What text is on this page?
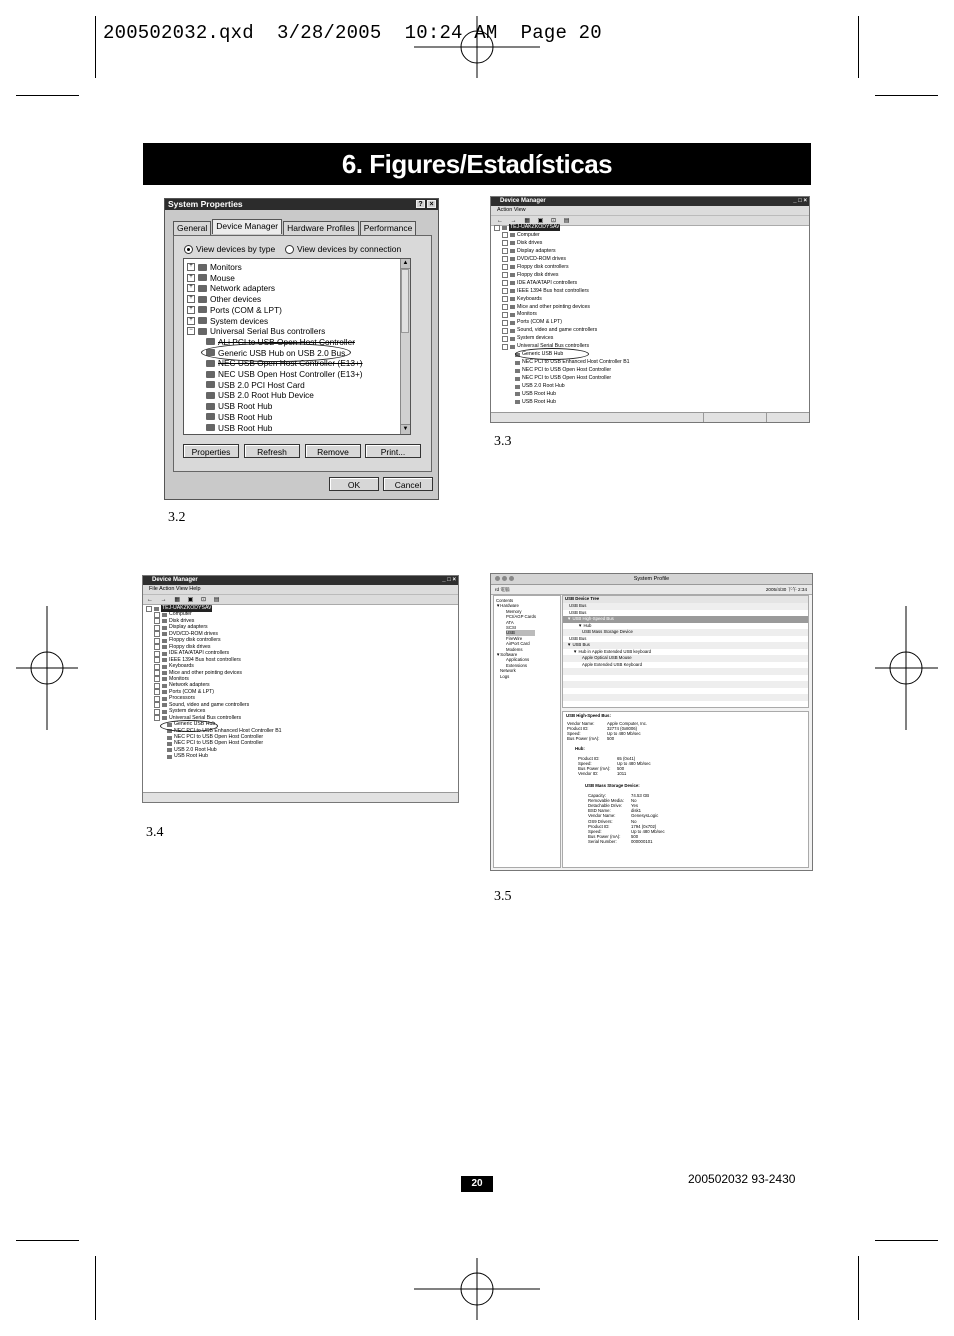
200502032.qxd  3/28/2005  10:24 AM  Page 20
6. Figures/Estadísticas
System Properties	? ×
General	Device Manager	Hardware Profiles	Performance
View devices by type	View devices by connection
▲
▼
+ Monitors
+ Mouse
+ Network adapters
+ Other devices
+ Ports (COM & LPT)
+ System devices
− Universal Serial Bus controllers
ALi PCI to USB Open Host Controller
Generic USB Hub on USB 2.0 Bus
NEC USB Open Host Controller (E13+)
NEC USB Open Host Controller (E13+)
USB 2.0 PCI Host Card
USB 2.0 Root Hub Device
USB Root Hub
USB Root Hub
USB Root Hub
Properties	Refresh	Remove	Print...
OK	Cancel
3.2
Device Manager	_ □ ×
Action View
← → ▦ ▣ ⊡ ▤
TEJ-UAKZKODYSAV
Computer
Disk drives
Display adapters
DVD/CD-ROM drives
Floppy disk controllers
Floppy disk drives
IDE ATA/ATAPI controllers
IEEE 1394 Bus host controllers
Keyboards
Mice and other pointing devices
Monitors
Ports (COM & LPT)
Sound, video and game controllers
System devices
Universal Serial Bus controllers
Generic USB Hub
NEC PCI to USB Enhanced Host Controller B1
NEC PCI to USB Open Host Controller
NEC PCI to USB Open Host Controller
USB 2.0 Root Hub
USB Root Hub
USB Root Hub
3.3
Device Manager	_ □ ×
File Action View Help
← → ▦ ▣ ⊡ ▤
TEJ-UAKZKODYSAV
Computer
Disk drives
Display adapters
DVD/CD-ROM drives
Floppy disk controllers
Floppy disk drives
IDE ATA/ATAPI controllers
IEEE 1394 Bus host controllers
Keyboards
Mice and other pointing devices
Monitors
Network adapters
Ports (COM & LPT)
Processors
Sound, video and game controllers
System devices
Universal Serial Bus controllers
Generic USB Hub
NEC PCI to USB Enhanced Host Controller B1
NEC PCI to USB Open Host Controller
NEC PCI to USB Open Host Controller
USB 2.0 Root Hub
USB Root Hub
3.4
System Profile
rd 電腦	2005/4/30 下午 2:34
Contents
▼Hardware
Memory
PCI/AGP Cards
ATA
SCSI
USB
FireWire
AirPort Card
Modems
▼Software
Applications
Extensions
Network
Logs
USB Device Tree
USB Bus
USB Bus
▼ USB High-Speed Bus
▼ Hub
USB Mass Storage Device
USB Bus
▼ USB Bus
▼ Hub in Apple Extended USB keyboard
Apple Optical USB Mouse
Apple Extended USB Keyboard
USB High-Speed Bus:
Vendor Name:	Apple Computer, Inc.
Product ID:	32774 (0x8006)
Speed:	Up to 480 Mb/sec
Bus Power (mA): 500
Hub:
Product ID:	65 (0x41)
Speed:	Up to 480 Mb/sec
Bus Power (mA): 500
Vendor ID:	1011
USB Mass Storage Device:
Capacity:	74.53 GB
Removable Media: No
Detachable Drive: Yes
BSD Name:	disk1
Vendor Name:	GenesysLogic
OS9 Drivers:	No
Product ID:	1794 (0x702)
Speed:	Up to 480 Mb/sec
Bus Power (mA): 500
Serial Number:	000000101
3.5
20	200502032 93-2430
